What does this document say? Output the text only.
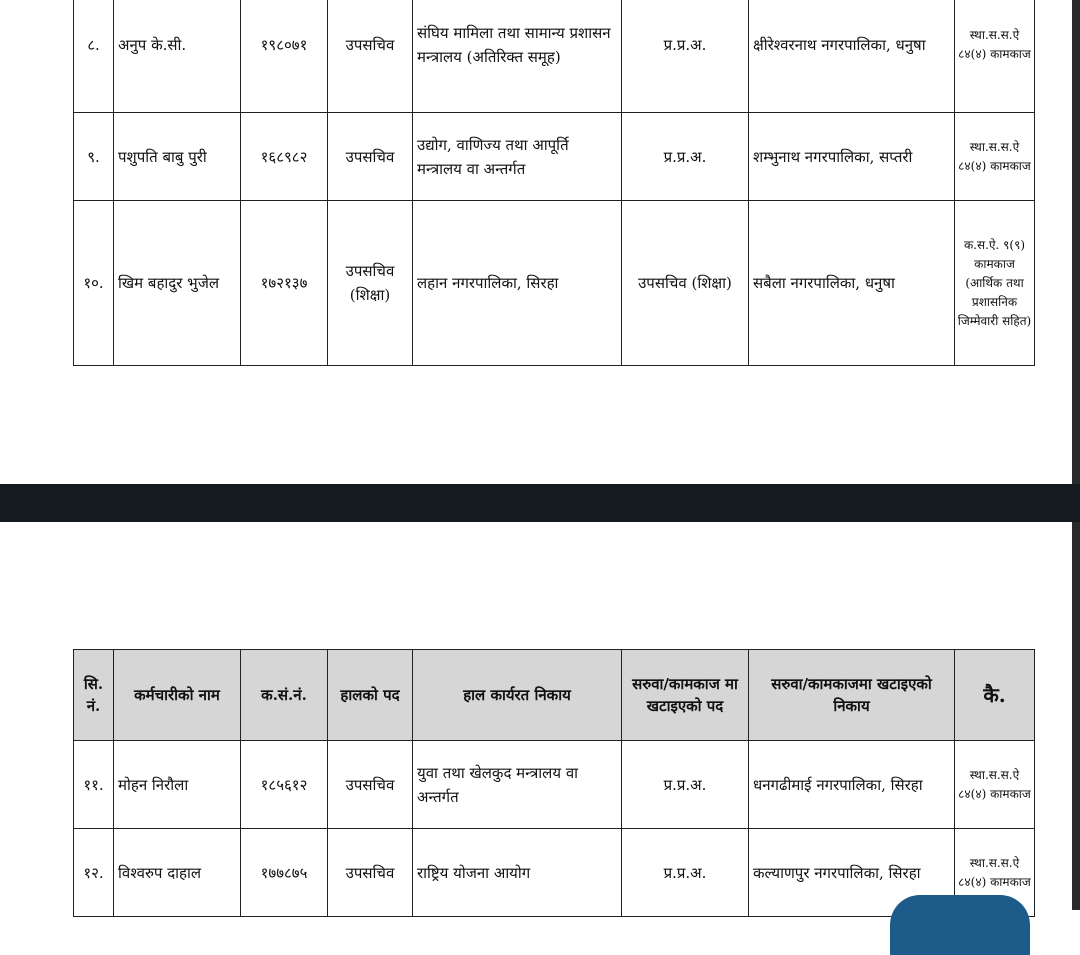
८.	अनुप के.सी.	१९८०७१	उपसचिव	संघिय मामिला तथा सामान्य प्रशासन मन्त्रालय (अतिरिक्त समूह)	प्र.प्र.अ.	क्षीरेश्वरनाथ नगरपालिका, धनुषा	स्था.स.स.ऐ ८४(४) कामकाज
९.	पशुपति बाबु पुरी	१६८९८२	उपसचिव	उद्योग, वाणिज्य तथा आपूर्ति मन्त्रालय वा अन्तर्गत	प्र.प्र.अ.	शम्भुनाथ नगरपालिका, सप्तरी	स्था.स.स.ऐ ८४(४) कामकाज
१०.	खिम बहादुर भुजेल	१७२१३७	उपसचिव (शिक्षा)	लहान नगरपालिका, सिरहा	उपसचिव (शिक्षा)	सबैला नगरपालिका, धनुषा	क.स.ऐ. ९(९) कामकाज (आर्थिक तथा प्रशासनिक जिम्मेवारी सहित)
सि. नं.	कर्मचारीको नाम	क.सं.नं.	हालको पद	हाल कार्यरत निकाय	सरुवा/कामकाज मा खटाइएको पद	सरुवा/कामकाजमा खटाइएको निकाय	कै.
११.	मोहन निरौला	१८५६१२	उपसचिव	युवा तथा खेलकुद मन्त्रालय वा अन्तर्गत	प्र.प्र.अ.	धनगढीमाई नगरपालिका, सिरहा	स्था.स.स.ऐ ८४(४) कामकाज
१२.	विश्वरुप दाहाल	१७७८७५	उपसचिव	राष्ट्रिय योजना आयोग	प्र.प्र.अ.	कल्याणपुर नगरपालिका, सिरहा	स्था.स.स.ऐ ८४(४) कामकाज
